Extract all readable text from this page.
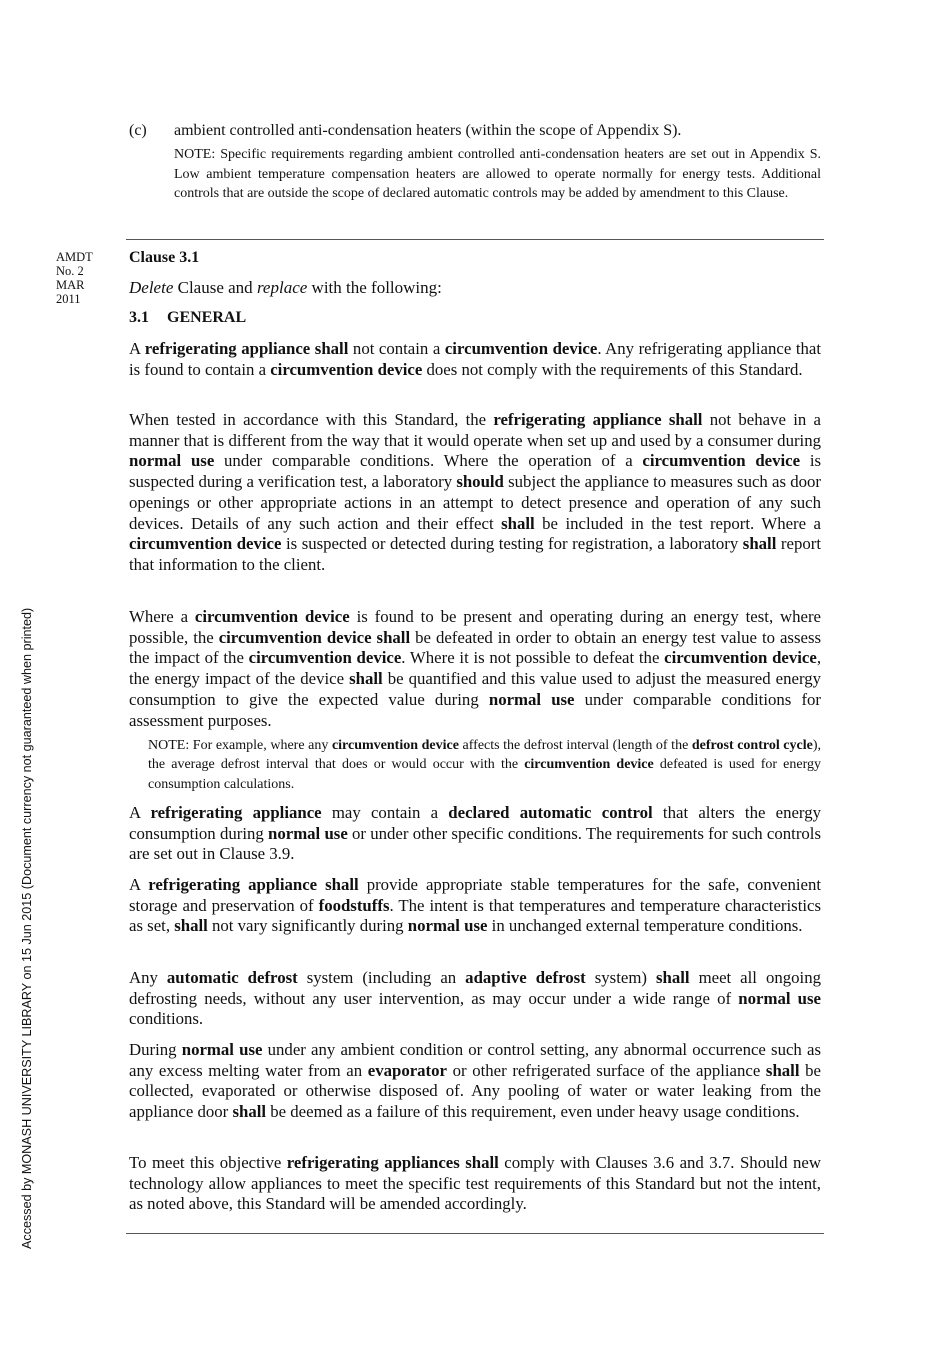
(c) ambient controlled anti-condensation heaters (within the scope of Appendix S).
NOTE: Specific requirements regarding ambient controlled anti-condensation heaters are set out in Appendix S. Low ambient temperature compensation heaters are allowed to operate normally for energy tests. Additional controls that are outside the scope of declared automatic controls may be added by amendment to this Clause.
AMDT
No. 2
MAR
2011
Clause 3.1
Delete Clause and replace with the following:
3.1 GENERAL

A refrigerating appliance shall not contain a circumvention device. Any refrigerating appliance that is found to contain a circumvention device does not comply with the requirements of this Standard.

When tested in accordance with this Standard, the refrigerating appliance shall not behave in a manner that is different from the way that it would operate when set up and used by a consumer during normal use under comparable conditions. Where the operation of a circumvention device is suspected during a verification test, a laboratory should subject the appliance to measures such as door openings or other appropriate actions in an attempt to detect presence and operation of any such devices. Details of any such action and their effect shall be included in the test report. Where a circumvention device is suspected or detected during testing for registration, a laboratory shall report that information to the client.

Where a circumvention device is found to be present and operating during an energy test, where possible, the circumvention device shall be defeated in order to obtain an energy test value to assess the impact of the circumvention device. Where it is not possible to defeat the circumvention device, the energy impact of the device shall be quantified and this value used to adjust the measured energy consumption to give the expected value during normal use under comparable conditions for assessment purposes.

NOTE: For example, where any circumvention device affects the defrost interval (length of the defrost control cycle), the average defrost interval that does or would occur with the circumvention device defeated is used for energy consumption calculations.

A refrigerating appliance may contain a declared automatic control that alters the energy consumption during normal use or under other specific conditions. The requirements for such controls are set out in Clause 3.9.

A refrigerating appliance shall provide appropriate stable temperatures for the safe, convenient storage and preservation of foodstuffs. The intent is that temperatures and temperature characteristics as set, shall not vary significantly during normal use in unchanged external temperature conditions.

Any automatic defrost system (including an adaptive defrost system) shall meet all ongoing defrosting needs, without any user intervention, as may occur under a wide range of normal use conditions.

During normal use under any ambient condition or control setting, any abnormal occurrence such as any excess melting water from an evaporator or other refrigerated surface of the appliance shall be collected, evaporated or otherwise disposed of. Any pooling of water or water leaking from the appliance door shall be deemed as a failure of this requirement, even under heavy usage conditions.

To meet this objective refrigerating appliances shall comply with Clauses 3.6 and 3.7. Should new technology allow appliances to meet the specific test requirements of this Standard but not the intent, as noted above, this Standard will be amended accordingly.

Accessed by MONASH UNIVERSITY LIBRARY on 15 Jun 2015 (Document currency not guaranteed when printed)
